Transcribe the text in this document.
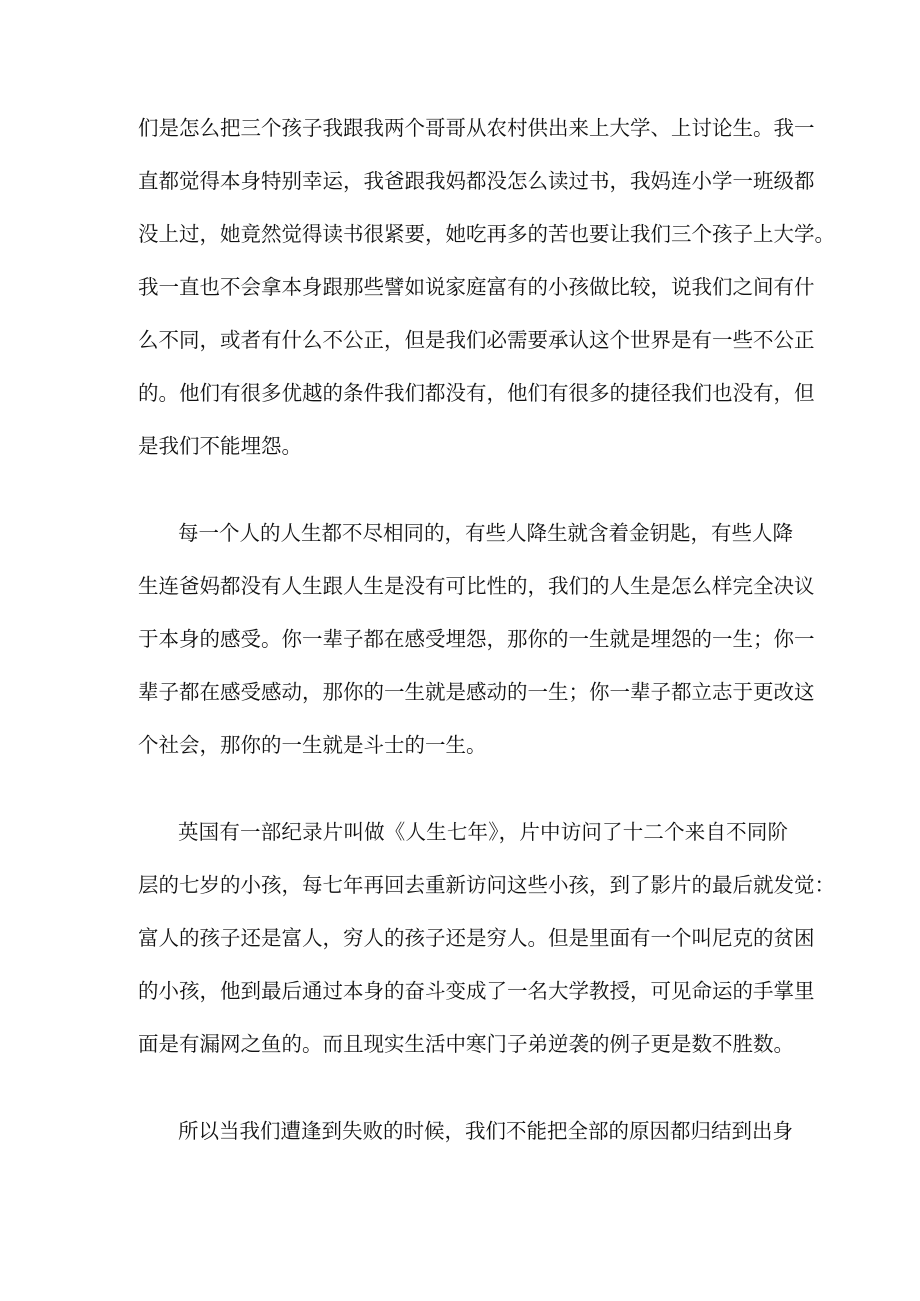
们是怎么把三个孩子我跟我两个哥哥从农村供出来上大学、上讨论生。我一
直都觉得本身特别幸运，我爸跟我妈都没怎么读过书，我妈连小学一班级都
没上过，她竟然觉得读书很紧要，她吃再多的苦也要让我们三个孩子上大学。
我一直也不会拿本身跟那些譬如说家庭富有的小孩做比较，说我们之间有什
么不同，或者有什么不公正，但是我们必需要承认这个世界是有一些不公正
的。他们有很多优越的条件我们都没有，他们有很多的捷径我们也没有，但
是我们不能埋怨。
每一个人的人生都不尽相同的，有些人降生就含着金钥匙，有些人降
生连爸妈都没有人生跟人生是没有可比性的，我们的人生是怎么样完全决议
于本身的感受。你一辈子都在感受埋怨，那你的一生就是埋怨的一生；你一
辈子都在感受感动，那你的一生就是感动的一生；你一辈子都立志于更改这
个社会，那你的一生就是斗士的一生。
英国有一部纪录片叫做《人生七年》，片中访问了十二个来自不同阶
层的七岁的小孩，每七年再回去重新访问这些小孩，到了影片的最后就发觉：
富人的孩子还是富人，穷人的孩子还是穷人。但是里面有一个叫尼克的贫困
的小孩，他到最后通过本身的奋斗变成了一名大学教授，可见命运的手掌里
面是有漏网之鱼的。而且现实生活中寒门子弟逆袭的例子更是数不胜数。
所以当我们遭逢到失败的时候，我们不能把全部的原因都归结到出身
